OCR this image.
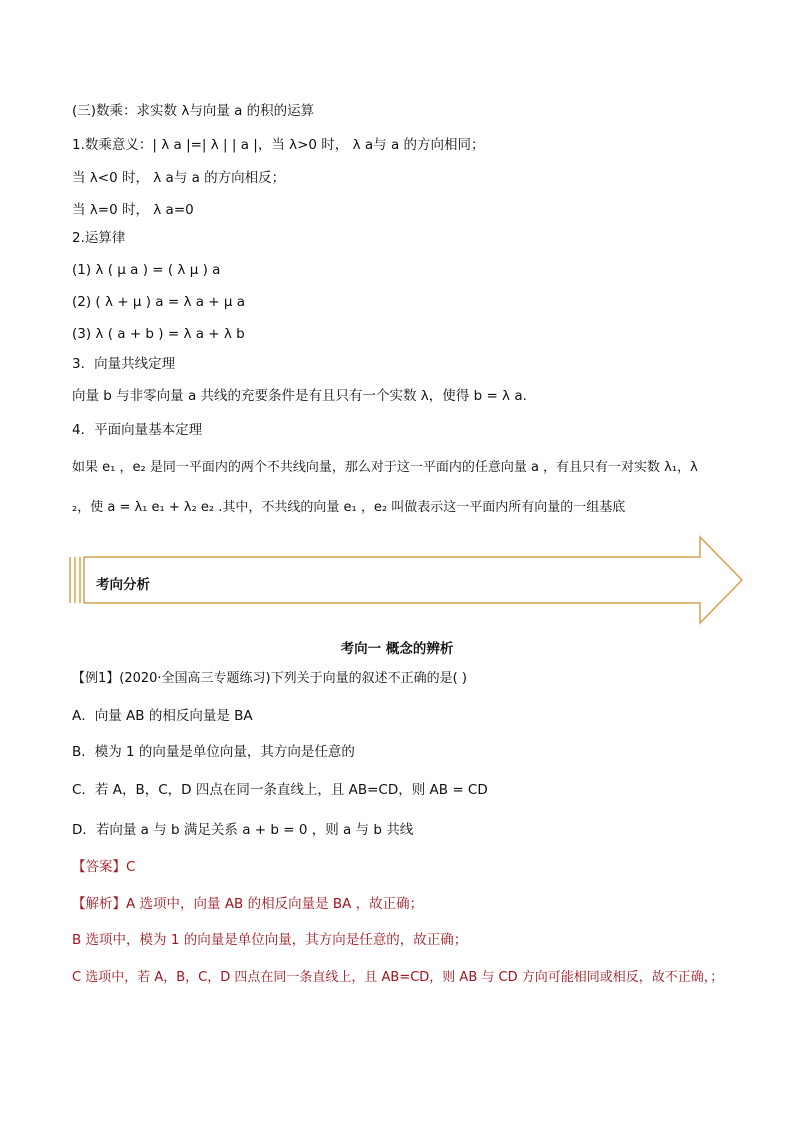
(三)数乘：求实数 λ与向量 a 的积的运算
1.数乘意义：| λ a |=| λ | | a |，当 λ>0 时， λ a与 a 的方向相同；
当 λ<0 时， λ a与 a 的方向相反；
当 λ=0 时， λ a=0
2.运算律
(1) λ ( μ a ) = ( λ μ ) a
(2) ( λ + μ ) a = λ a + μ a
(3) λ ( a + b ) = λ a + λ b
3．向量共线定理
向量 b 与非零向量 a 共线的充要条件是有且只有一个实数 λ，使得 b = λ a.
4．平面向量基本定理
如果 e₁ ，e₂ 是同一平面内的两个不共线向量，那么对于这一平面内的任意向量 a ，有且只有一对实数 λ₁，λ
₂，使 a = λ₁ e₁ + λ₂ e₂ .其中，不共线的向量 e₁ ，e₂ 叫做表示这一平面内所有向量的一组基底
考向分析
考向一 概念的辨析
【例1】(2020·全国高三专题练习)下列关于向量的叙述不正确的是( )
A．向量 AB 的相反向量是 BA
B．模为 1 的向量是单位向量，其方向是任意的
C．若 A，B，C，D 四点在同一条直线上，且 AB=CD，则 AB = CD
D．若向量 a 与 b 满足关系 a + b = 0 ，则 a 与 b 共线
【答案】C
【解析】A 选项中，向量 AB 的相反向量是 BA ，故正确；
B 选项中，模为 1 的向量是单位向量，其方向是任意的，故正确；
C 选项中，若 A，B，C，D 四点在同一条直线上，且 AB=CD，则 AB 与 CD 方向可能相同或相反，故不正确，；
